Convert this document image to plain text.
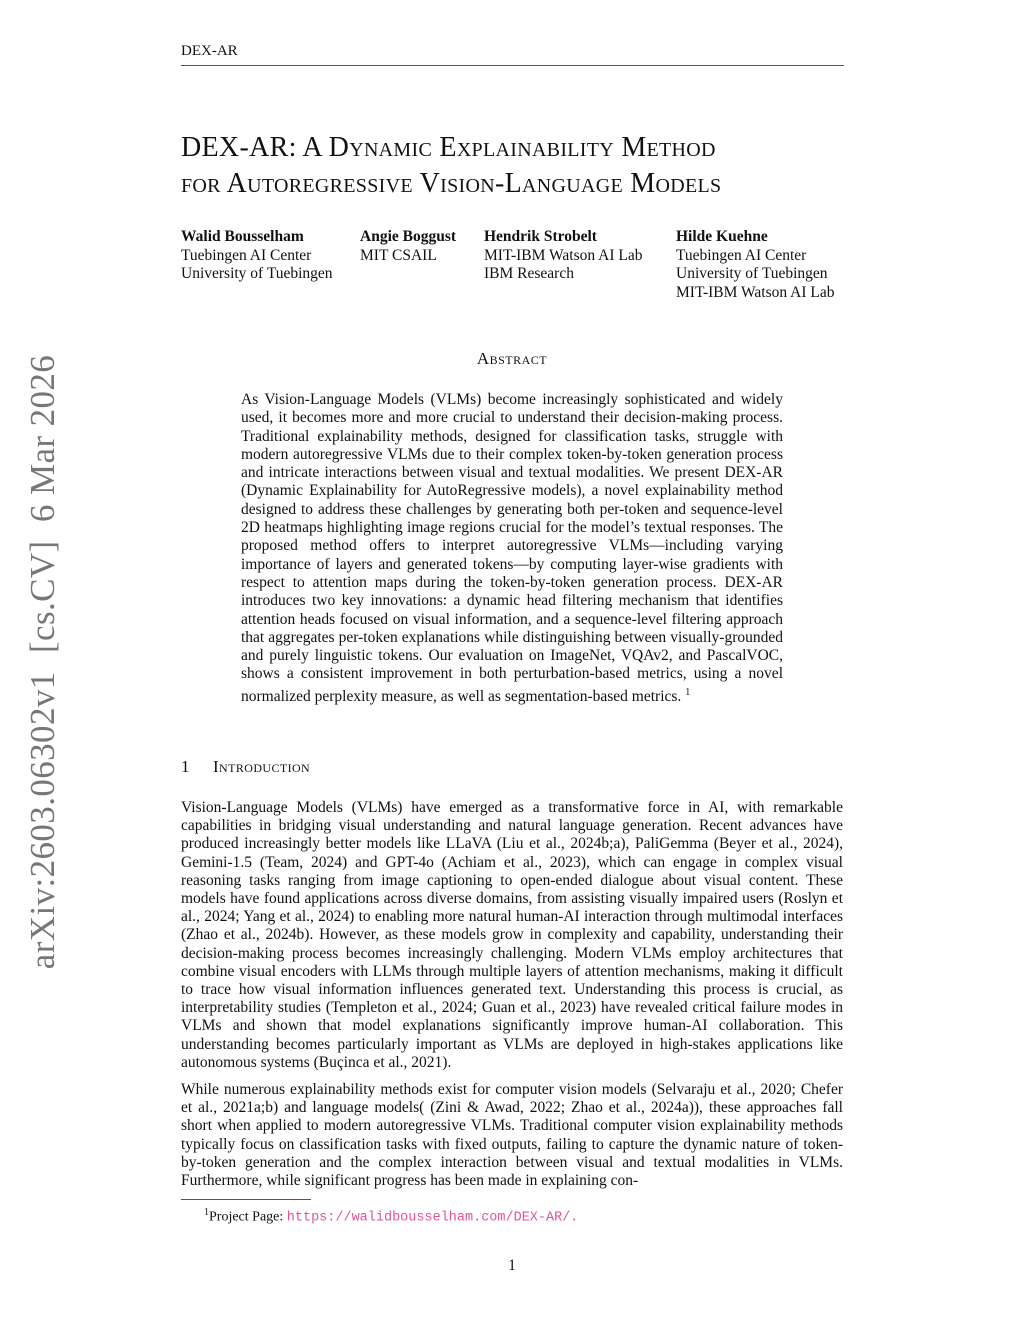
DEX-AR
DEX-AR: A Dynamic Explainability Method
for Autoregressive Vision-Language Models
Walid Bousselham
Tuebingen AI Center
University of Tuebingen
Angie Boggust
MIT CSAIL
Hendrik Strobelt
MIT-IBM Watson AI Lab
IBM Research
Hilde Kuehne
Tuebingen AI Center
University of Tuebingen
MIT-IBM Watson AI Lab
Abstract
As Vision-Language Models (VLMs) become increasingly sophisticated and widely used, it becomes more and more crucial to understand their decision-making process. Traditional explainability methods, designed for classification tasks, struggle with modern autoregressive VLMs due to their complex token-by-token generation process and intricate interactions between visual and textual modalities. We present DEX-AR (Dynamic Explainability for AutoRegressive models), a novel explainability method designed to address these challenges by generating both per-token and sequence-level 2D heatmaps highlighting image regions crucial for the model’s textual responses. The proposed method offers to interpret autoregressive VLMs—including varying importance of layers and generated tokens—by computing layer-wise gradients with respect to attention maps during the token-by-token generation process. DEX-AR introduces two key innovations: a dynamic head filtering mechanism that identifies attention heads focused on visual information, and a sequence-level filtering approach that aggregates per-token explanations while distinguishing between visually-grounded and purely linguistic tokens. Our evaluation on ImageNet, VQAv2, and PascalVOC, shows a consistent improvement in both perturbation-based metrics, using a novel normalized perplexity measure, as well as segmentation-based metrics. $^1$
1 Introduction

Vision-Language Models (VLMs) have emerged as a transformative force in AI, with remarkable capabilities in bridging visual understanding and natural language generation. Recent advances have produced increasingly better models like LLaVA (Liu et al., 2024b;a), PaliGemma (Beyer et al., 2024), Gemini-1.5 (Team, 2024) and GPT-4o (Achiam et al., 2023), which can engage in complex visual reasoning tasks ranging from image captioning to open-ended dialogue about visual content. These models have found applications across diverse domains, from assisting visually impaired users (Roslyn et al., 2024; Yang et al., 2024) to enabling more natural human-AI interaction through multimodal interfaces (Zhao et al., 2024b). However, as these models grow in complexity and capability, understanding their decision-making process becomes increasingly challenging. Modern VLMs employ architectures that combine visual encoders with LLMs through multiple layers of attention mechanisms, making it difficult to trace how visual information influences generated text. Understanding this process is crucial, as interpretability studies (Templeton et al., 2024; Guan et al., 2023) have revealed critical failure modes in VLMs and shown that model explanations significantly improve human-AI collaboration. This understanding becomes particularly important as VLMs are deployed in high-stakes applications like autonomous systems (Buçinca et al., 2021).

While numerous explainability methods exist for computer vision models (Selvaraju et al., 2020; Chefer et al., 2021a;b) and language models( (Zini & Awad, 2022; Zhao et al., 2024a)), these approaches fall short when applied to modern autoregressive VLMs. Traditional computer vision explainability methods typically focus on classification tasks with fixed outputs, failing to capture the dynamic nature of token-by-token generation and the complex interaction between visual and textual modalities in VLMs. Furthermore, while significant progress has been made in explaining con-

$^1$Project Page: https://walidbousselham.com/DEX-AR/.
1
arXiv:2603.06302v1  [cs.CV]  6 Mar 2026
